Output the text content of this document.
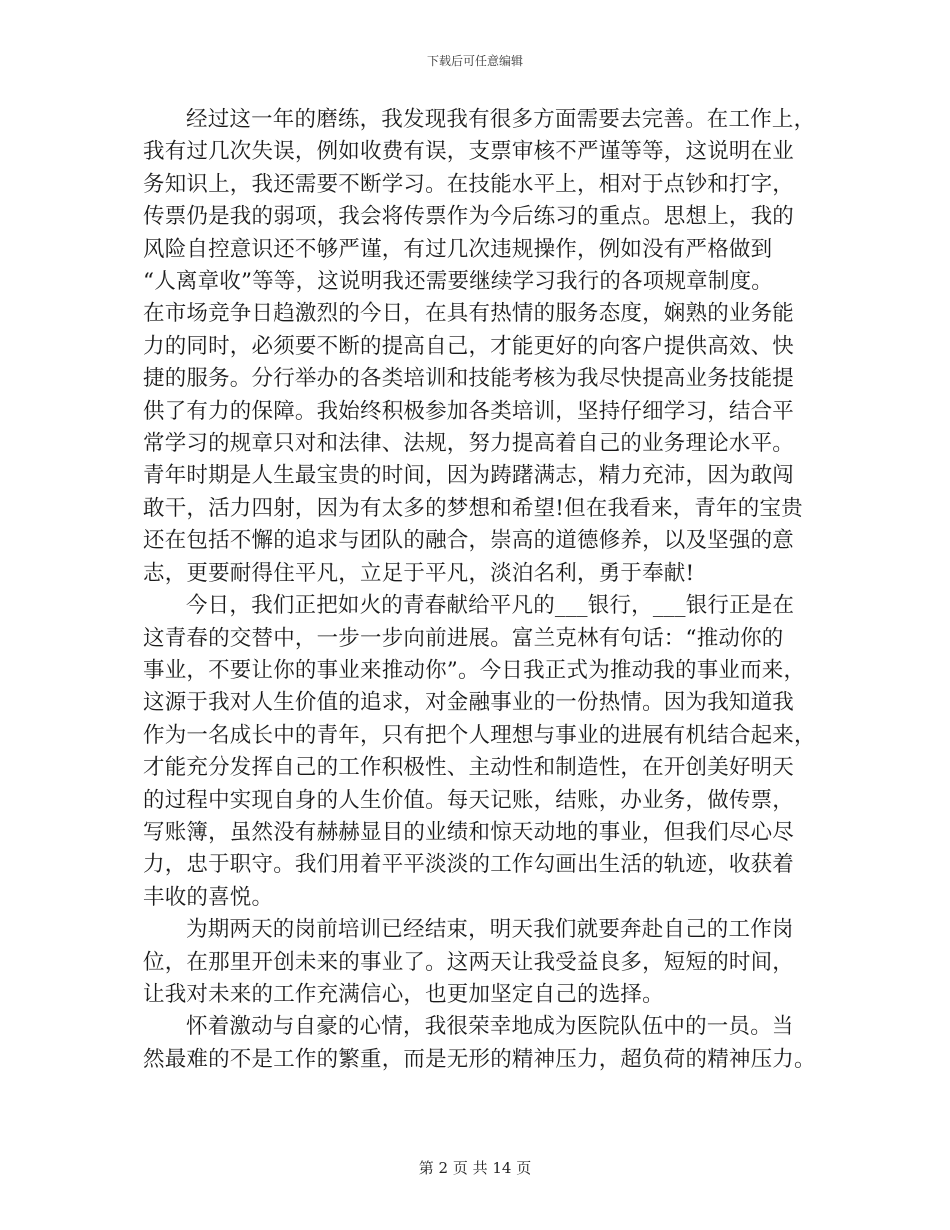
下载后可任意编辑
经过这一年的磨练，我发现我有很多方面需要去完善。在工作上，
我有过几次失误，例如收费有误，支票审核不严谨等等，这说明在业
务知识上，我还需要不断学习。在技能水平上，相对于点钞和打字，
传票仍是我的弱项，我会将传票作为今后练习的重点。思想上，我的
风险自控意识还不够严谨，有过几次违规操作，例如没有严格做到
“人离章收”等等，这说明我还需要继续学习我行的各项规章制度。
在市场竞争日趋激烈的今日，在具有热情的服务态度，娴熟的业务能
力的同时，必须要不断的提高自己，才能更好的向客户提供高效、快
捷的服务。分行举办的各类培训和技能考核为我尽快提高业务技能提
供了有力的保障。我始终积极参加各类培训，坚持仔细学习，结合平
常学习的规章只对和法律、法规，努力提高着自己的业务理论水平。
青年时期是人生最宝贵的时间，因为踌躇满志，精力充沛，因为敢闯
敢干，活力四射，因为有太多的梦想和希望!但在我看来，青年的宝贵
还在包括不懈的追求与团队的融合，崇高的道德修养，以及坚强的意
志，更要耐得住平凡，立足于平凡，淡泊名利，勇于奉献!
今日，我们正把如火的青春献给平凡的___银行，___银行正是在
这青春的交替中，一步一步向前进展。富兰克林有句话：“推动你的
事业，不要让你的事业来推动你”。今日我正式为推动我的事业而来，
这源于我对人生价值的追求，对金融事业的一份热情。因为我知道我
作为一名成长中的青年，只有把个人理想与事业的进展有机结合起来，
才能充分发挥自己的工作积极性、主动性和制造性，在开创美好明天
的过程中实现自身的人生价值。每天记账，结账，办业务，做传票，
写账簿，虽然没有赫赫显目的业绩和惊天动地的事业，但我们尽心尽
力，忠于职守。我们用着平平淡淡的工作勾画出生活的轨迹，收获着
丰收的喜悦。
为期两天的岗前培训已经结束，明天我们就要奔赴自己的工作岗
位，在那里开创未来的事业了。这两天让我受益良多，短短的时间，
让我对未来的工作充满信心，也更加坚定自己的选择。
怀着激动与自豪的心情，我很荣幸地成为医院队伍中的一员。当
然最难的不是工作的繁重，而是无形的精神压力，超负荷的精神压力。
第 2 页 共 14 页
